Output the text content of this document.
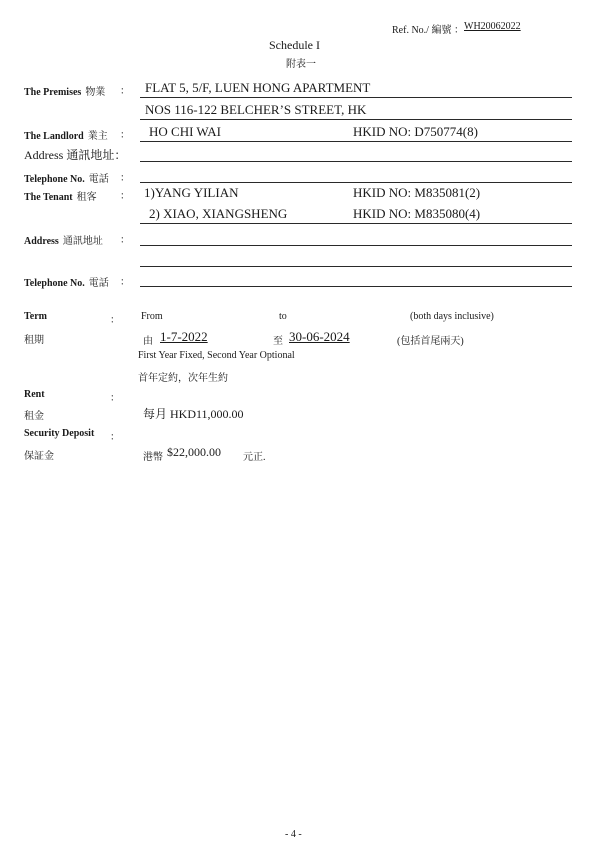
Ref. No./ 編號 ： WH20062022
Schedule I
附表一
The Premises 物業 ： FLAT 5, 5/F, LUEN HONG APARTMENT
NOS 116-122 BELCHER’S STREET, HK
The Landlord 業主 ： HO CHI WAI	HKID NO: D750774(8)
Address 通訊地址：
Telephone No. 電話 ：
The Tenant 租客 ： 1)YANG YILIAN	HKID NO: M835081(2)
2) XIAO, XIANGSHENG	HKID NO: M835080(4)
Address 通訊地址 ：
Telephone No. 電話 ：
Term	： From	to	(both days inclusive)
租期	由 1-7-2022	至 30-06-2024	(包括首尾兩天)
First Year Fixed, Second Year Optional
首年定約，次年生約
Rent	：
租金	每月 HKD11,000.00
Security Deposit ：
保証金	港幣 $22,000.00 元正.
- 4 -
